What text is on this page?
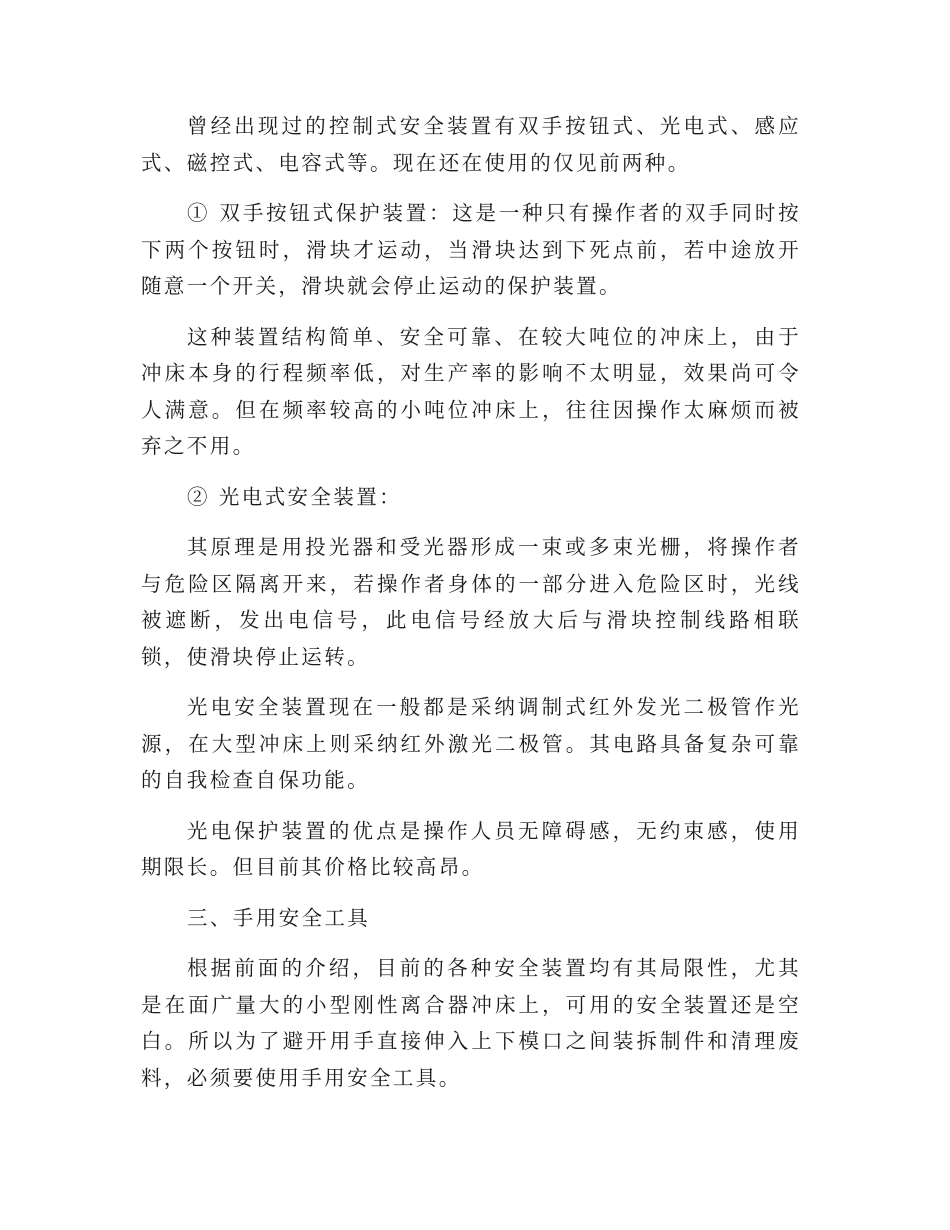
曾经出现过的控制式安全装置有双手按钮式、光电式、感应式、磁控式、电容式等。现在还在使用的仅见前两种。

① 双手按钮式保护装置：这是一种只有操作者的双手同时按下两个按钮时，滑块才运动，当滑块达到下死点前，若中途放开随意一个开关，滑块就会停止运动的保护装置。

这种装置结构简单、安全可靠、在较大吨位的冲床上，由于冲床本身的行程频率低，对生产率的影响不太明显，效果尚可令人满意。但在频率较高的小吨位冲床上，往往因操作太麻烦而被弃之不用。

② 光电式安全装置：

其原理是用投光器和受光器形成一束或多束光栅，将操作者与危险区隔离开来，若操作者身体的一部分进入危险区时，光线被遮断，发出电信号，此电信号经放大后与滑块控制线路相联锁，使滑块停止运转。

光电安全装置现在一般都是采纳调制式红外发光二极管作光源，在大型冲床上则采纳红外激光二极管。其电路具备复杂可靠的自我检查自保功能。

光电保护装置的优点是操作人员无障碍感，无约束感，使用期限长。但目前其价格比较高昂。

三、手用安全工具

根据前面的介绍，目前的各种安全装置均有其局限性，尤其是在面广量大的小型刚性离合器冲床上，可用的安全装置还是空白。所以为了避开用手直接伸入上下模口之间装拆制件和清理废料，必须要使用手用安全工具。
